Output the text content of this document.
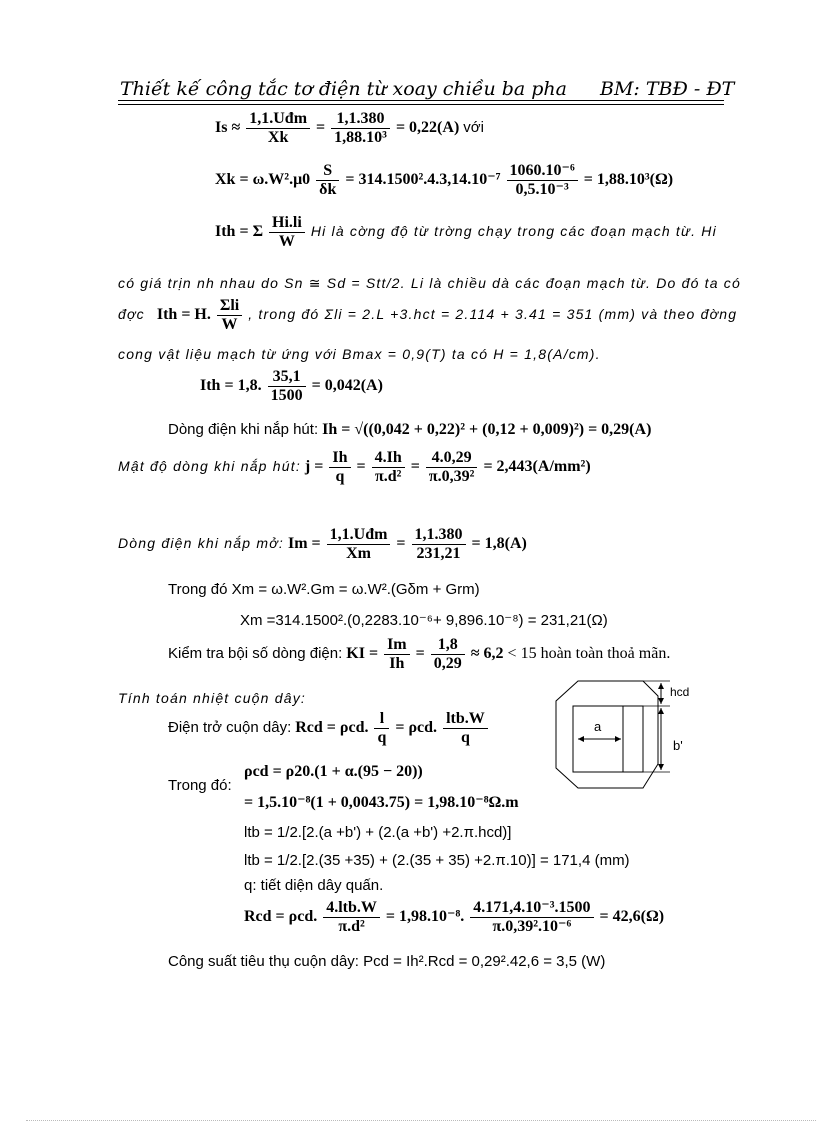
Thiết kế công tắc tơ điện từ xoay chiều ba pha BM: TBĐ - ĐT
$Is \approx \frac{\text{1,1.Uđm}}{Xk} = \frac{1,1.380}{\text{1,88.10³}} = 0,22(A)$ với
$Xk = \omega.W^2.\mu 0 \frac{S}{\delta k} = 314.1500^2.4.3,14.10^{-7} \frac{\text{1060.10⁻⁶}}{\text{0,5.10⁻³}} = 1,88.10^3(\Omega)$
Ith = Σ $\frac{Hi.li}{W}$ Hi là cờng độ từ trờng chạy trong các đoạn mạch từ. Hi
có giá trịn nh nhau do Sn ≅ Sd = Stt/2. Li là chiều dà các đoạn mạch từ. Do đó ta có
đợc Ith = H. $\frac{\text{Σli}}{W}$ , trong đó Σli = 2.L +3.hct = 2.114 + 3.41 = 351 (mm) và theo đờng
cong vật liệu mạch từ ứng với Bmax = 0,9(T) ta có H = 1,8(A/cm).
Ith = 1,8. $\frac{35,1}{1500} = 0,042(A)$
Dòng điện khi nắp hút: Ih = √((0,042 + 0,22)² + (0,12 + 0,009)²) = 0,29(A)
Mật độ dòng khi nắp hút: $j = \frac{Ih}{q} = \frac{4.Ih}{\text{π.d²}} = \frac{4.0,29}{\text{π.0,39²}} = 2,443(A/mm^2)$
Dòng điện khi nắp mở: $Im = \frac{\text{1,1.Uđm}}{Xm} = \frac{1,1.380}{231,21} = 1,8(A)$
Trong đó Xm = ω.W².Gm = ω.W².(Gδm + Grm)
Xm =314.1500².(0,2283.10⁻⁶+ 9,896.10⁻⁸) = 231,21(Ω)
Kiểm tra bội số dòng điện: KI = $\frac{Im}{Ih} = \frac{1,8}{0,29} \approx 6,2 < 15$ hoàn toàn thoả mãn.
Tính toán nhiệt cuộn dây:
Điện trở cuộn dây: Rcd = ρcd. $\frac{l}{q} = \rho cd$. $\frac{\text{ltb.W}}{q}$	a
b'
hcd
Trong đó:
ρcd = ρ20.(1 + α.(95 − 20))
= 1,5.10⁻⁸(1 + 0,0043.75) = 1,98.10⁻⁸Ω.m
ltb = 1/2.[2.(a +b') + (2.(a +b') +2.π.hcd)]
ltb = 1/2.[2.(35 +35) + (2.(35 + 35) +2.π.10)] = 171,4 (mm)
q: tiết diện dây quấn.
Rcd = ρcd. $\frac{\text{4.ltb.W}}{\text{π.d²}} = 1,98.10^{-8}$. $\frac{\text{4.171,4.10⁻³.1500}}{\text{π.0,39².10⁻⁶}} = 42,6(\Omega)$
Công suất tiêu thụ cuộn dây: Pcd = Ih².Rcd = 0,29².42,6 = 3,5 (W)
